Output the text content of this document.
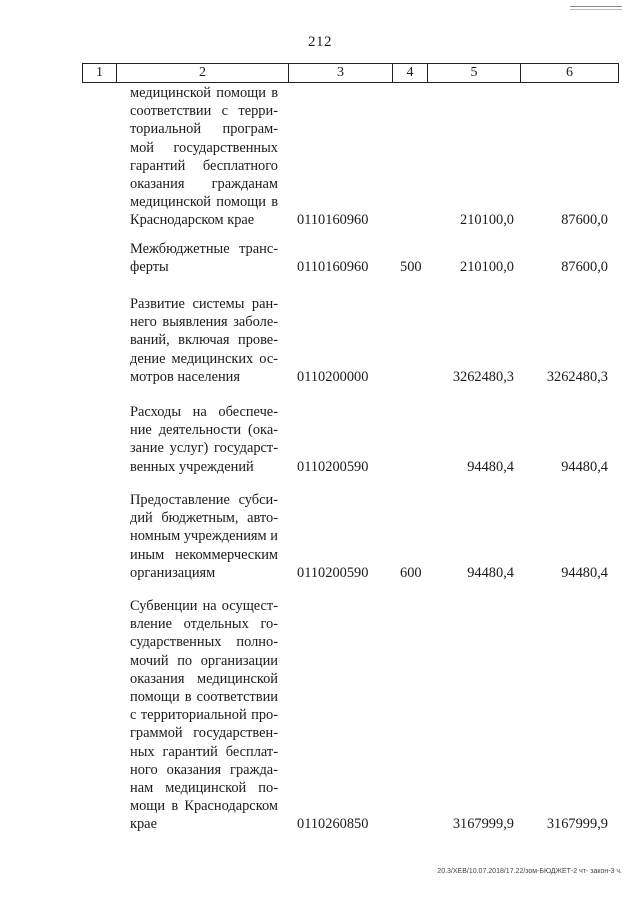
212
1	2	3	4	5	6
медицинской помощи в
соответствии с терри-
ториальной програм-
мой государственных
гарантий бесплатного
оказания гражданам
медицинской помощи в
Краснодарском крае	0110160960	210100,0	87600,0
Межбюджетные транс-
ферты	0110160960 500	210100,0	87600,0
Развитие системы ран-
него выявления заболе-
ваний, включая прове-
дение медицинских ос-
мотров населения	0110200000	3262480,3 3262480,3
Расходы на обеспече-
ние деятельности (ока-
зание услуг) государст-
венных учреждений	0110200590	94480,4	94480,4
Предоставление субси-
дий бюджетным, авто-
номным учреждениям и
иным некоммерческим
организациям	0110200590 600	94480,4	94480,4
Субвенции на осущест-
вление отдельных го-
сударственных полно-
мочий по организации
оказания медицинской
помощи в соответствии
с территориальной про-
граммой государствен-
ных гарантий бесплат-
ного оказания гражда-
нам медицинской по-
мощи в Краснодарском
крае	0110260850	3167999,9 3167999,9
20.3/ХЕВ/10.07.2018/17.22/зом-БЮДЖЕТ-2 чт- закон-3 ч.
